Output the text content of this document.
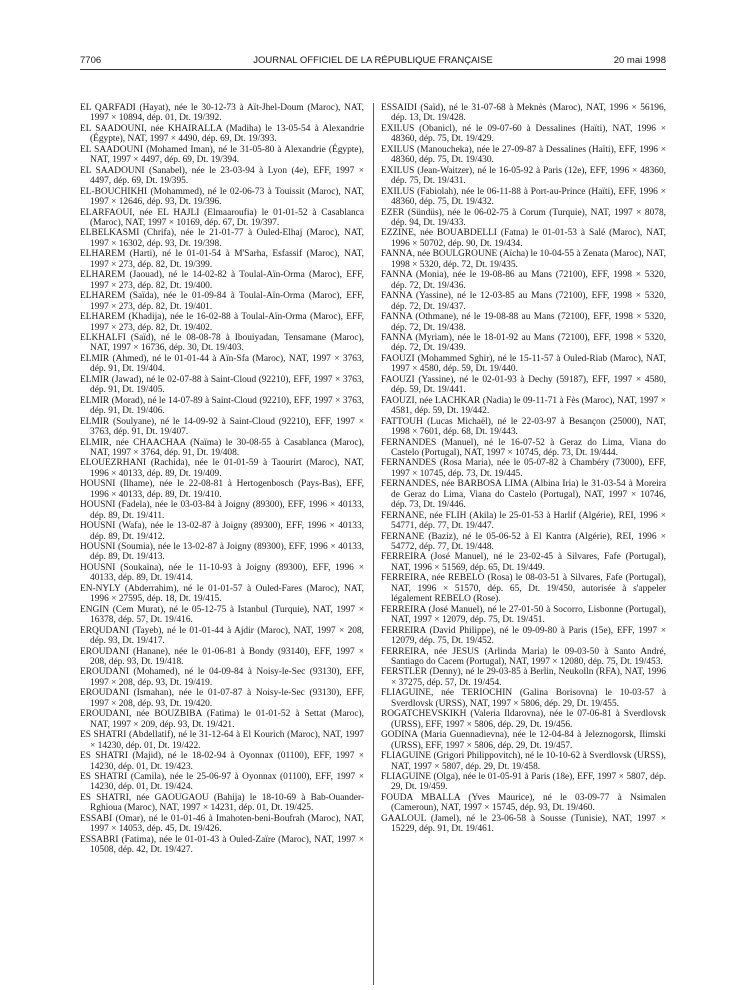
7706	JOURNAL OFFICIEL DE LA RÉPUBLIQUE FRANÇAISE	20 mai 1998

EL QARFADI (Hayat), née le 30-12-73 à Aït-Jhel-Doum (Maroc), NAT, 1997 × 10894, dép. 01, Dt. 19/392.

EL SAADOUNI, née KHAIRALLA (Madiha) le 13-05-54 à Alexandrie (Égypte), NAT, 1997 × 4490, dép. 69, Dt. 19/393.

EL SAADOUNI (Mohamed Iman), né le 31-05-80 à Alexandrie (Égypte), NAT, 1997 × 4497, dép. 69, Dt. 19/394.

EL SAADOUNI (Sanabel), née le 23-03-94 à Lyon (4e), EFF, 1997 × 4497, dép. 69, Dt. 19/395.

EL-BOUCHIKHI (Mohammed), né le 02-06-73 à Touissit (Maroc), NAT, 1997 × 12646, dép. 93, Dt. 19/396.

ELARFAOUI, née EL HAJLI (Elmaaroufia) le 01-01-52 à Casablanca (Maroc), NAT, 1997 × 10169, dép. 67, Dt. 19/397.

ELBELKASMI (Chrifa), née le 21-01-77 à Ouled-Elhaj (Maroc), NAT, 1997 × 16302, dép. 93, Dt. 19/398.

ELHAREM (Harti), né le 01-01-54 à M'Sarha, Esfassif (Maroc), NAT, 1997 × 273, dép. 82, Dt. 19/399.

ELHAREM (Jaouad), né le 14-02-82 à Toulal-Aïn-Orma (Maroc), EFF, 1997 × 273, dép. 82, Dt. 19/400.

ELHAREM (Saïda), née le 01-09-84 à Toulal-Aïn-Orma (Maroc), EFF, 1997 × 273, dép. 82, Dt. 19/401.

ELHAREM (Khadija), née le 16-02-88 à Toulal-Aïn-Orma (Maroc), EFF, 1997 × 273, dép. 82, Dt. 19/402.

ELKHALFI (Saïd), né le 08-08-78 à Ibouiyadan, Tensamane (Maroc), NAT, 1997 × 16736, dép. 30, Dt. 19/403.

ELMIR (Ahmed), né le 01-01-44 à Aïn-Sfa (Maroc), NAT, 1997 × 3763, dép. 91, Dt. 19/404.

ELMIR (Jawad), né le 02-07-88 à Saint-Cloud (92210), EFF, 1997 × 3763, dép. 91, Dt. 19/405.

ELMIR (Morad), né le 14-07-89 à Saint-Cloud (92210), EFF, 1997 × 3763, dép. 91, Dt. 19/406.

ELMIR (Soulyane), né le 14-09-92 à Saint-Cloud (92210), EFF, 1997 × 3763, dép. 91, Dt. 19/407.

ELMIR, née CHAACHAA (Naïma) le 30-08-55 à Casablanca (Maroc), NAT, 1997 × 3764, dép. 91, Dt. 19/408.

ELOUEZRHANI (Rachida), née le 01-01-59 à Taourirt (Maroc), NAT, 1996 × 40133, dép. 89, Dt. 19/409.

HOUSNI (Ilhame), née le 22-08-81 à Hertogenbosch (Pays-Bas), EFF, 1996 × 40133, dép. 89, Dt. 19/410.

HOUSNI (Fadela), née le 03-03-84 à Joigny (89300), EFF, 1996 × 40133, dép. 89, Dt. 19/411.

HOUSNI (Wafa), née le 13-02-87 à Joigny (89300), EFF, 1996 × 40133, dép. 89, Dt. 19/412.

HOUSNI (Soumia), née le 13-02-87 à Joigny (89300), EFF, 1996 × 40133, dép. 89, Dt. 19/413.

HOUSNI (Soukaïna), née le 11-10-93 à Joigny (89300), EFF, 1996 × 40133, dép. 89, Dt. 19/414.

EN-NYLY (Abderrahim), né le 01-01-57 à Ouled-Fares (Maroc), NAT, 1996 × 27595, dép. 18, Dt. 19/415.

ENGIN (Cem Murat), né le 05-12-75 à Istanbul (Turquie), NAT, 1997 × 16378, dép. 57, Dt. 19/416.

ERQUDANI (Tayeb), né le 01-01-44 à Ajdir (Maroc), NAT, 1997 × 208, dép. 93, Dt. 19/417.

EROUDANI (Hanane), née le 01-06-81 à Bondy (93140), EFF, 1997 × 208, dép. 93, Dt. 19/418.

EROUDANI (Mohamed), né le 04-09-84 à Noisy-le-Sec (93130), EFF, 1997 × 208, dép. 93, Dt. 19/419.

EROUDANI (Ismahan), née le 01-07-87 à Noisy-le-Sec (93130), EFF, 1997 × 208, dép. 93, Dt. 19/420.

EROUDANI, née BOUZBIBA (Fatima) le 01-01-52 à Settat (Maroc), NAT, 1997 × 209, dép. 93, Dt. 19/421.

ES SHATRI (Abdellatif), né le 31-12-64 à El Kourich (Maroc), NAT, 1997 × 14230, dép. 01, Dt. 19/422.

ES SHATRI (Majid), né le 18-02-94 à Oyonnax (01100), EFF, 1997 × 14230, dép. 01, Dt. 19/423.

ES SHATRI (Camila), née le 25-06-97 à Oyonnax (01100), EFF, 1997 × 14230, dép. 01, Dt. 19/424.

ES SHATRI, née GAOUGAOU (Bahija) le 18-10-69 à Bab-Ouander-Rghioua (Maroc), NAT, 1997 × 14231, dép. 01, Dt. 19/425.

ESSABI (Omar), né le 01-01-46 à Imahoten-beni-Boufrah (Maroc), NAT, 1997 × 14053, dép. 45, Dt. 19/426.

ESSABRI (Fatima), née le 01-01-43 à Ouled-Zaïre (Maroc), NAT, 1997 × 10508, dép. 42, Dt. 19/427.

ESSAIDI (Saïd), né le 31-07-68 à Meknès (Maroc), NAT, 1996 × 56196, dép. 13, Dt. 19/428.

EXILUS (Obanicl), né le 09-07-60 à Dessalines (Haïti), NAT, 1996 × 48360, dép. 75, Dt. 19/429.

EXILUS (Manoucheka), née le 27-09-87 à Dessalines (Haïti), EFF, 1996 × 48360, dép. 75, Dt. 19/430.

EXILUS (Jean-Waitzer), né le 16-05-92 à Paris (12e), EFF, 1996 × 48360, dép. 75, Dt. 19/431.

EXILUS (Fabiolah), née le 06-11-88 à Port-au-Prince (Haïti), EFF, 1996 × 48360, dép. 75, Dt. 19/432.

EZER (Sündüs), née le 06-02-75 à Corum (Turquie), NAT, 1997 × 8078, dép. 94, Dt. 19/433.

EZZINE, née BOUABDELLI (Fatna) le 01-01-53 à Salé (Maroc), NAT, 1996 × 50702, dép. 90, Dt. 19/434.

FANNA, née BOULGROUNE (Aïcha) le 10-04-55 à Zenata (Maroc), NAT, 1998 × 5320, dép. 72, Dt. 19/435.

FANNA (Monia), née le 19-08-86 au Mans (72100), EFF, 1998 × 5320, dép. 72, Dt. 19/436.

FANNA (Yassine), né le 12-03-85 au Mans (72100), EFF, 1998 × 5320, dép. 72, Dt. 19/437.

FANNA (Othmane), né le 19-08-88 au Mans (72100), EFF, 1998 × 5320, dép. 72, Dt. 19/438.

FANNA (Myriam), née le 18-01-92 au Mans (72100), EFF, 1998 × 5320, dép. 72, Dt. 19/439.

FAOUZI (Mohammed Sghir), né le 15-11-57 à Ouled-Riab (Maroc), NAT, 1997 × 4580, dép. 59, Dt. 19/440.

FAOUZI (Yassine), né le 02-01-93 à Dechy (59187), EFF, 1997 × 4580, dép. 59, Dt. 19/441.

FAOUZI, née LACHKAR (Nadia) le 09-11-71 à Fès (Maroc), NAT, 1997 × 4581, dép. 59, Dt. 19/442.

FATTOUH (Lucas Michaël), né le 22-03-97 à Besançon (25000), NAT, 1998 × 7601, dép. 68, Dt. 19/443.

FERNANDES (Manuel), né le 16-07-52 à Geraz do Lima, Viana do Castelo (Portugal), NAT, 1997 × 10745, dép. 73, Dt. 19/444.

FERNANDES (Rosa Maria), née le 05-07-82 à Chambéry (73000), EFF, 1997 × 10745, dép. 73, Dt. 19/445.

FERNANDES, née BARBOSA LIMA (Albina Iria) le 31-03-54 à Moreira de Geraz do Lima, Viana do Castelo (Portugal), NAT, 1997 × 10746, dép. 73, Dt. 19/446.

FERNANE, née FLIH (Akila) le 25-01-53 à Harlif (Algérie), REI, 1996 × 54771, dép. 77, Dt. 19/447.

FERNANE (Baziz), né le 05-06-52 à El Kantra (Algérie), REI, 1996 × 54772, dép. 77, Dt. 19/448.

FERREIRA (José Manuel), né le 23-02-45 à Silvares, Fafe (Portugal), NAT, 1996 × 51569, dép. 65, Dt. 19/449.

FERREIRA, née REBELO (Rosa) le 08-03-51 à Silvares, Fafe (Portugal), NAT, 1996 × 51570, dép. 65, Dt. 19/450, autorisée à s'appeler légalement REBELO (Rose).

FERREIRA (José Manuel), né le 27-01-50 à Socorro, Lisbonne (Portugal), NAT, 1997 × 12079, dép. 75, Dt. 19/451.

FERREIRA (David Philippe), né le 09-09-80 à Paris (15e), EFF, 1997 × 12079, dép. 75, Dt. 19/452.

FERREIRA, née JESUS (Arlinda Maria) le 09-03-50 à Santo André, Santiago do Cacem (Portugal), NAT, 1997 × 12080, dép. 75, Dt. 19/453.

FERSTLER (Denny), né le 29-03-85 à Berlin, Neukolln (RFA), NAT, 1996 × 37275, dép. 57, Dt. 19/454.

FLIAGUINE, née TERIOCHIN (Galina Borisovna) le 10-03-57 à Sverdlovsk (URSS), NAT, 1997 × 5806, dép. 29, Dt. 19/455.

ROGATCHEVSKIKH (Valeria Ildarovna), née le 07-06-81 à Sverdlovsk (URSS), EFF, 1997 × 5806, dép. 29, Dt. 19/456.

GODINA (Maria Guennadievna), née le 12-04-84 à Jeleznogorsk, Ilimski (URSS), EFF, 1997 × 5806, dép. 29, Dt. 19/457.

FLIAGUINE (Grigori Philippovitch), né le 10-10-62 à Sverdlovsk (URSS), NAT, 1997 × 5807, dép. 29, Dt. 19/458.

FLIAGUINE (Olga), née le 01-05-91 à Paris (18e), EFF, 1997 × 5807, dép. 29, Dt. 19/459.

FOUDA MBALLA (Yves Maurice), né le 03-09-77 à Nsimalen (Cameroun), NAT, 1997 × 15745, dép. 93, Dt. 19/460.

GAALOUL (Jamel), né le 23-06-58 à Sousse (Tunisie), NAT, 1997 × 15229, dép. 91, Dt. 19/461.
